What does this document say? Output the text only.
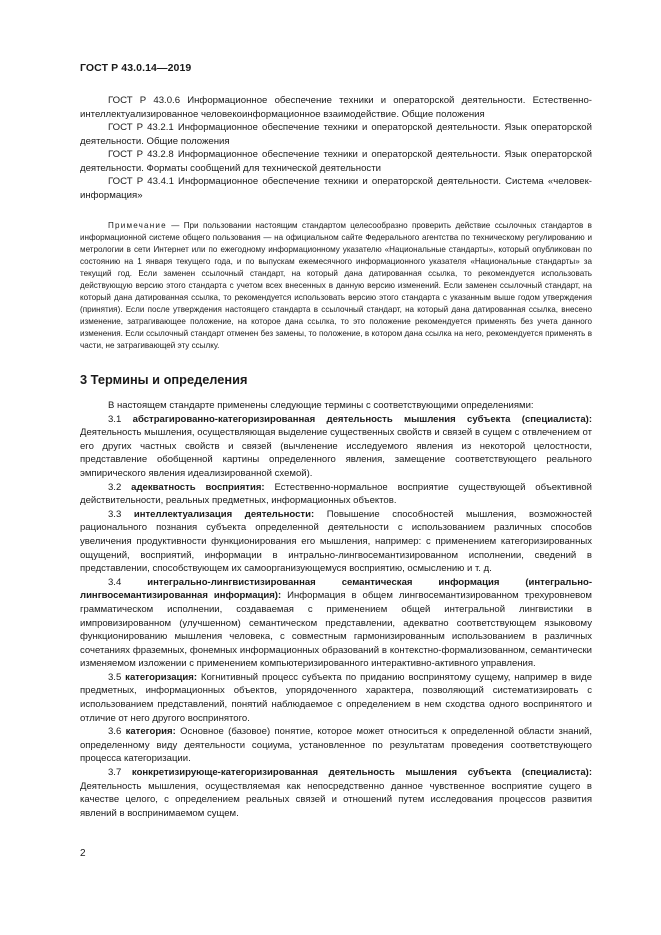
ГОСТ Р 43.0.14—2019

ГОСТ Р 43.0.6 Информационное обеспечение техники и операторской деятельности. Естественно-интеллектуализированное человекоинформационное взаимодействие. Общие положения

ГОСТ Р 43.2.1 Информационное обеспечение техники и операторской деятельности. Язык операторской деятельности. Общие положения

ГОСТ Р 43.2.8 Информационное обеспечение техники и операторской деятельности. Язык операторской деятельности. Форматы сообщений для технической деятельности

ГОСТ Р 43.4.1 Информационное обеспечение техники и операторской деятельности. Система «человек-информация»

Примечание — При пользовании настоящим стандартом целесообразно проверить действие ссылочных стандартов в информационной системе общего пользования — на официальном сайте Федерального агентства по техническому регулированию и метрологии в сети Интернет или по ежегодному информационному указателю «Национальные стандарты», который опубликован по состоянию на 1 января текущего года, и по выпускам ежемесячного информационного указателя «Национальные стандарты» за текущий год. Если заменен ссылочный стандарт, на который дана датированная ссылка, то рекомендуется использовать действующую версию этого стандарта с учетом всех внесенных в данную версию изменений. Если заменен ссылочный стандарт, на который дана датированная ссылка, то рекомендуется использовать версию этого стандарта с указанным выше годом утверждения (принятия). Если после утверждения настоящего стандарта в ссылочный стандарт, на который дана датированная ссылка, внесено изменение, затрагивающее положение, на которое дана ссылка, то это положение рекомендуется применять без учета данного изменения. Если ссылочный стандарт отменен без замены, то положение, в котором дана ссылка на него, рекомендуется применять в части, не затрагивающей эту ссылку.
3 Термины и определения

В настоящем стандарте применены следующие термины с соответствующими определениями:

3.1 абстрагированно-категоризированная деятельность мышления субъекта (специалиста): Деятельность мышления, осуществляющая выделение существенных свойств и связей в сущем с отвлечением от его других частных свойств и связей (вычленение исследуемого явления из некоторой целостности, представление обобщенной картины определенного явления, замещение соответствующего реального эмпирического явления идеализированной схемой).

3.2 адекватность восприятия: Естественно-нормальное восприятие существующей объективной действительности, реальных предметных, информационных объектов.

3.3 интеллектуализация деятельности: Повышение способностей мышления, возможностей рационального познания субъекта определенной деятельности с использованием различных способов увеличения продуктивности функционирования его мышления, например: с применением категоризированных ощущений, восприятий, информации в интрально-лингвосемантизированном исполнении, сведений в представлении, способствующем их самоорганизующемуся восприятию, осмыслению и т. д.

3.4	интегрально-лингвистизированная семантическая информация (интегрально-лингвосемантизированная информация): Информация в общем лингвосемантизированном трехуровневом грамматическом исполнении, создаваемая с применением общей интегральной лингвистики в импровизированном (улучшенном) семантическом представлении, адекватно соответствующем языковому функционированию мышления человека, с совместным гармонизированным использованием в различных сочетаниях фраземных, фонемных информационных образований в контекстно-формализованном, семантически изменяемом изложении с применением компьютеризированного интерактивно-активного управления.

3.5 категоризация: Когнитивный процесс субъекта по приданию воспринятому сущему, например в виде предметных, информационных объектов, упорядоченного характера, позволяющий систематизировать с использованием представлений, понятий наблюдаемое с определением в нем сходства одного воспринятого и отличие от него другого воспринятого.

3.6 категория: Основное (базовое) понятие, которое может относиться к определенной области знаний, определенному виду деятельности социума, установленное по результатам проведения соответствующего процесса категоризации.

3.7 конкретизирующе-категоризированная деятельность мышления субъекта (специалиста): Деятельность мышления, осуществляемая как непосредственно данное чувственное восприятие сущего в качестве целого, с определением реальных связей и отношений путем исследования процессов развития явлений в воспринимаемом сущем.

2
